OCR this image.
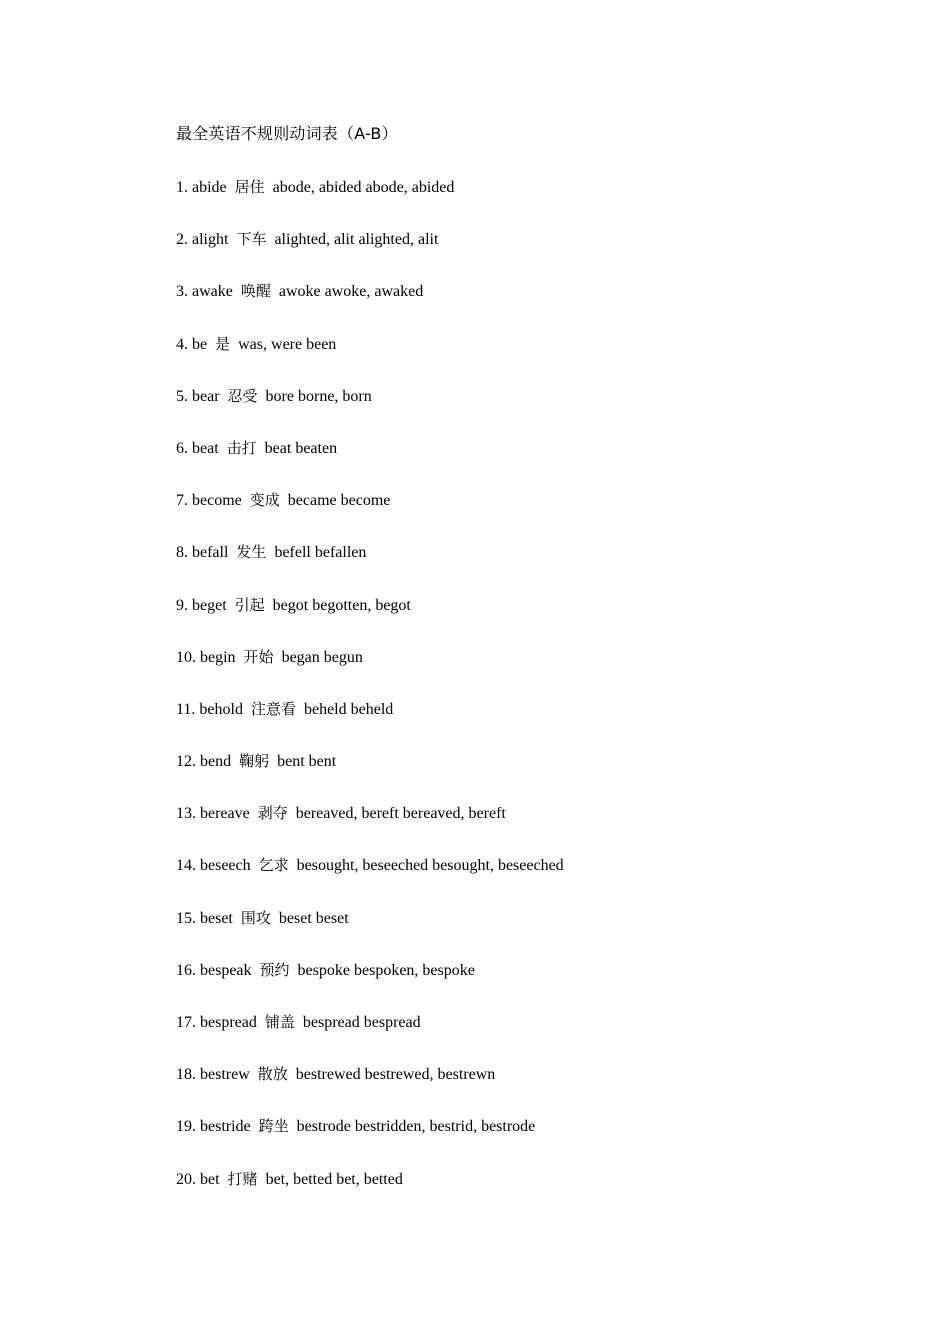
最全英语不规则动词表（A-B）
1. abide 居住 abode, abided abode, abided
2. alight 下车 alighted, alit alighted, alit
3. awake 唤醒 awoke awoke, awaked
4. be 是 was, were been
5. bear 忍受 bore borne, born
6. beat 击打 beat beaten
7. become 变成 became become
8. befall 发生 befell befallen
9. beget 引起 begot begotten, begot
10. begin 开始 began begun
11. behold 注意看 beheld beheld
12. bend 鞠躬 bent bent
13. bereave 剥夺 bereaved, bereft bereaved, bereft
14. beseech 乞求 besought, beseeched besought, beseeched
15. beset 围攻 beset beset
16. bespeak 预约 bespoke bespoken, bespoke
17. bespread 铺盖 bespread bespread
18. bestrew 散放 bestrewed bestrewed, bestrewn
19. bestride 跨坐 bestrode bestridden, bestrid, bestrode
20. bet 打赌 bet, betted bet, betted
